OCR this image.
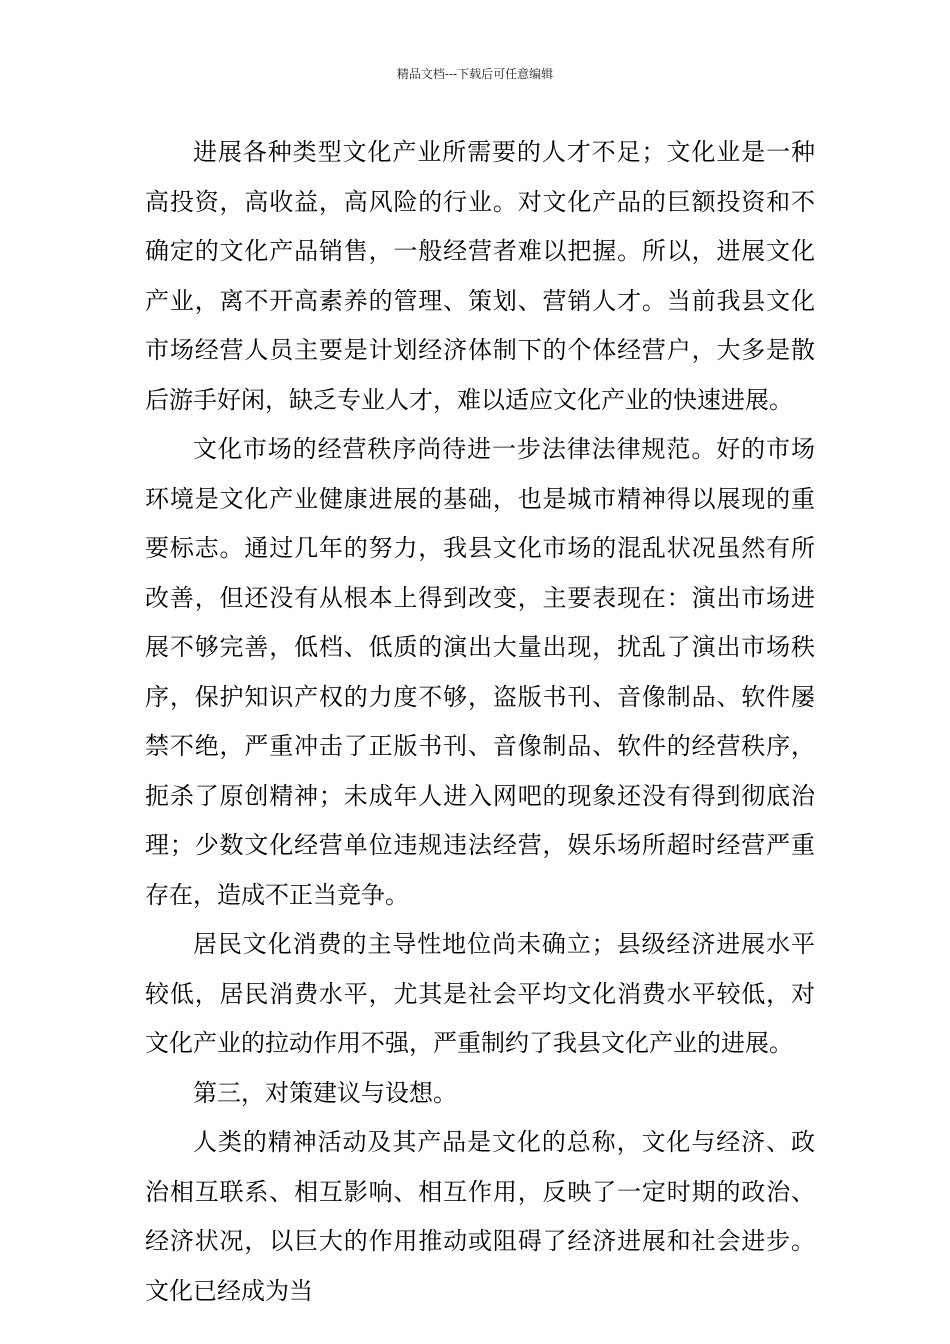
精品文档---下载后可任意编辑

进展各种类型文化产业所需要的人才不足；文化业是一种高投资，高收益，高风险的行业。对文化产品的巨额投资和不确定的文化产品销售，一般经营者难以把握。所以，进展文化产业，离不开高素养的管理、策划、营销人才。当前我县文化市场经营人员主要是计划经济体制下的个体经营户，大多是散后游手好闲，缺乏专业人才，难以适应文化产业的快速进展。

文化市场的经营秩序尚待进一步法律法律规范。好的市场环境是文化产业健康进展的基础，也是城市精神得以展现的重要标志。通过几年的努力，我县文化市场的混乱状况虽然有所改善，但还没有从根本上得到改变，主要表现在：演出市场进展不够完善，低档、低质的演出大量出现，扰乱了演出市场秩序，保护知识产权的力度不够，盗版书刊、音像制品、软件屡禁不绝，严重冲击了正版书刊、音像制品、软件的经营秩序，扼杀了原创精神；未成年人进入网吧的现象还没有得到彻底治理；少数文化经营单位违规违法经营，娱乐场所超时经营严重存在，造成不正当竞争。

居民文化消费的主导性地位尚未确立；县级经济进展水平较低，居民消费水平，尤其是社会平均文化消费水平较低，对文化产业的拉动作用不强，严重制约了我县文化产业的进展。

第三，对策建议与设想。

人类的精神活动及其产品是文化的总称，文化与经济、政治相互联系、相互影响、相互作用，反映了一定时期的政治、经济状况，以巨大的作用推动或阻碍了经济进展和社会进步。文化已经成为当
